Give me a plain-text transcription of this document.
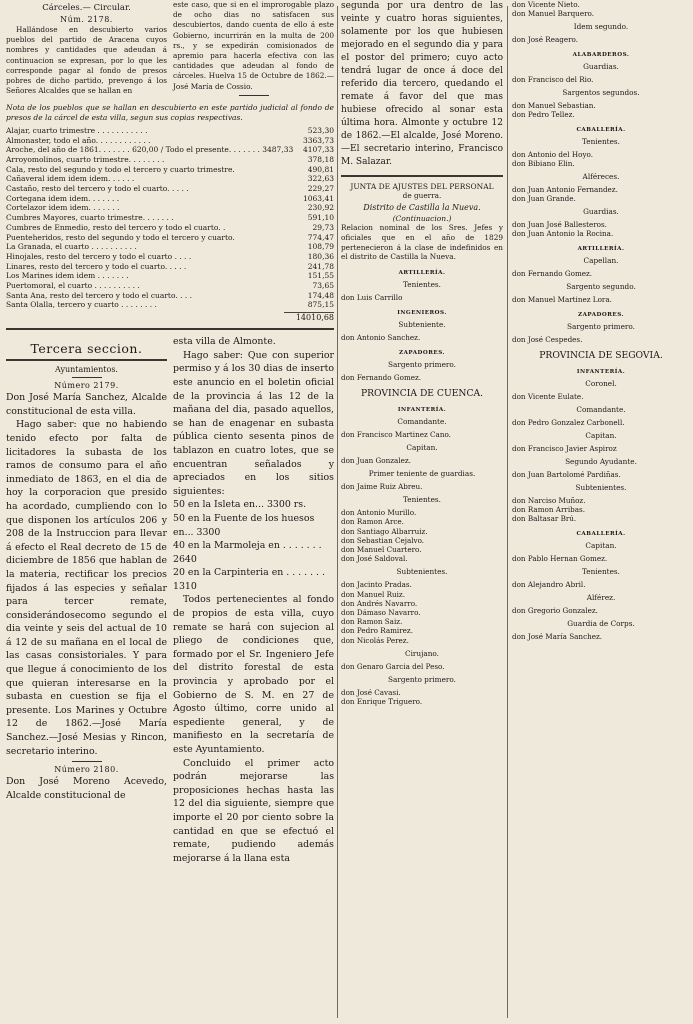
Cárceles.— Circular.

Núm. 2178.

Hallándose en descubierto varios pueblos del partido de Aracena cuyos nombres y cantidades que adeudan á continuacion se expresan, por lo que les corresponde pagar al fondo de presos pobres de dicho partido, prevengo á los Señores Alcaldes que se hallan en

este caso, que si en el improrogable plazo de ocho dias no satisfacen sus descubiertos, dando cuenta de ello á este Gobierno, incurrirán en la multa de 200 rs., y se expedirán comisionados de apremio para hacerla efectiva con las cantidades que adeudan al fondo de cárceles. Huelva 15 de Octubre de 1862.—José María de Cossio.

Nota de los pueblos que se hallan en descubierto en este partido judicial al fondo de presos de la cárcel de esta villa, segun sus copias respectivas.

Alajar, cuarto trimestre . . . . . . . . . . .	523,30
Almonaster, todo el año. . . . . . . . . . . .	3363,73
Aroche, del año de 1861. . . . . . . 620,00 / Todo el presente. . . . . . . 3487,33	4107,33
Arroyomolinos, cuarto trimestre. . . . . . . .	378,18
Cala, resto del segundo y todo el tercero y cuarto trimestre.	490,81
Cañaveral idem idem idem. . . . . .	322,63
Castaño, resto del tercero y todo el cuarto. . . . .	229,27
Cortegana idem idem. . . . . . .	1063,41
Cortelazor idem idem. . . . . . .	230,92
Cumbres Mayores, cuarto trimestre. . . . . . .	591,10
Cumbres de Enmedio, resto del tercero y todo el cuarto. .	29,73
Puenteheridos, resto del segundo y todo el tercero y cuarto.	774,47
La Granada, el cuarto . . . . . . . . . .	108,79
Hinojales, resto del tercero y todo el cuarto . . . .	180,36
Linares, resto del tercero y todo el cuarto. . . . .	241,78
Los Marines idem idem . . . . . . .	151,55
Puertomoral, el cuarto . . . . . . . . . .	73,65
Santa Ana, resto del tercero y todo el cuarto. . . .	174,48
Santa Olalla, tercero y cuarto . . . . . . . .	875,15
14010,68

Tercera seccion.

Ayuntamientos.

Número 2179.

Don José María Sanchez, Alcalde constitucional de esta villa.

Hago saber: que no habiendo tenido efecto por falta de licitadores la subasta de los ramos de consumo para el año inmediato de 1863, en el dia de hoy la corporacion que presido ha acordado, cumpliendo con lo que disponen los artículos 206 y 208 de la Instruccion para llevar á efecto el Real decreto de 15 de diciembre de 1856 que hablan de la materia, rectificar los precios fijados á las especies y señalar para tercer remate, considerándosecomo segundo el dia veinte y seis del actual de 10 á 12 de su mañana en el local de las casas consistoriales. Y para que llegue á conocimiento de los que quieran interesarse en la subasta en cuestion se fija el presente. Los Marines y Octubre 12 de 1862.—José María Sanchez.—José Mesias y Rincon, secretario interino.

Número 2180.

Don José Moreno Acevedo, Alcalde constitucional de

esta villa de Almonte.

Hago saber: Que con superior permiso y á los 30 dias de inserto este anuncio en el boletin oficial de la provincia á las 12 de la mañana del dia, pasado aquellos, se han de enagenar en subasta pública ciento sesenta pinos de tablazon en cuatro lotes, que se encuentran señalados y apreciados en los sitios siguientes:

50 en la Isleta en... 3300 rs.

50 en la Fuente de los huesos en... 3300

40 en la Marmoleja en . . . . . . . 2640

20 en la Carpinteria en . . . . . . . 1310

Todos pertenecientes al fondo de propios de esta villa, cuyo remate se hará con sujecion al pliego de condiciones que, formado por el Sr. Ingeniero Jefe del distrito forestal de esta provincia y aprobado por el Gobierno de S. M. en 27 de Agosto último, corre unido al espediente general, y de manifiesto en la secretaría de este Ayuntamiento.

Concluido el primer acto podrán mejorarse las proposiciones hechas hasta las 12 del dia siguiente, siempre que importe el 20 por ciento sobre la cantidad en que se efectuó el remate, pudiendo además mejorarse á la llana esta

segunda por ura dentro de las veinte y cuatro horas siguientes, solamente por los que hubiesen mejorado en el segundo dia y para el postor del primero; cuyo acto tendrá lugar de once á doce del referido dia tercero, quedando el remate á favor del que mas hubiese ofrecido al sonar esta última hora. Almonte y octubre 12 de 1862.—El alcalde, José Moreno.—El secretario interino, Francisco M. Salazar.

JUNTA DE AJUSTES DEL PERSONAL

de guerra.

Distrito de Castilla la Nueva.

(Continuacion.)

Relacion nominal de los Sres. Jefes y oficiales que en el año de 1829 pertenecieron á la clase de indefinidos en el distrito de Castilla la Nueva.

ARTILLERÍA.

Tenientes.

don Luis Carrillo

INGENIEROS.

Subteniente.

don Antonio Sanchez.

ZAPADORES.

Sargento primero.

don Fernando Gomez.

PROVINCIA DE CUENCA.

INFANTERÍA.

Comandante.

don Francisco Martinez Cano.

Capitan.

don Juan Gonzalez.

Primer teniente de guardias.

don Jaime Ruiz Abreu.

Tenientes.

don Antonio Murillo.

don Ramon Arce.

don Santiago Albarruiz.

don Sebastian Cejalvo.

don Manuel Cuartero.

don José Saldoval.

Subtenientes.

don Jacinto Pradas.

don Manuel Ruiz.

don Andrés Navarro.

don Dámaso Navarro.

don Ramon Saiz.

don Pedro Ramirez.

don Nicolás Perez.

Cirujano.

don Genaro Garcia del Peso.

Sargento primero.

don José Cavasi.

don Enrique Triguero.

don Vicente Nieto.

don Manuel Barquero.

Idem segundo.

don José Reagero.

ALABARDEROS.

Guardias.

don Francisco del Rio.

Sargentos segundos.

don Manuel Sebastian.

don Pedro Tellez.

CABALLERÍA.

Tenientes.

don Antonio del Hoyo.

don Bibiano Elin.

Alféreces.

don Juan Antonio Fernandez.

don Juan Grande.

Guardias.

don Juan José Ballesteros.

don Juan Antonio la Rocina.

ARTILLERÍA.

Capellan.

don Fernando Gomez.

Sargento segundo.

don Manuel Martinez Lora.

ZAPADORES.

Sargento primero.

don José Cespedes.

PROVINCIA DE SEGOVIA.

INFANTERÍA.

Coronel.

don Vicente Eulate.

Comandante.

don Pedro Gonzalez Carbonell.

Capitan.

don Francisco Javier Aspiroz

Segundo Ayudante.

don Juan Bartolomé Pardiñas.

Subtenientes.

don Narciso Muñoz.

don Ramon Arribas.

don Baltasar Brú.

CABALLERÍA.

Capitan.

don Pablo Hernan Gomez.

Tenientes.

don Alejandro Abril.

Alférez.

don Gregorio Gonzalez.

Guardia de Corps.

don José María Sanchez.
